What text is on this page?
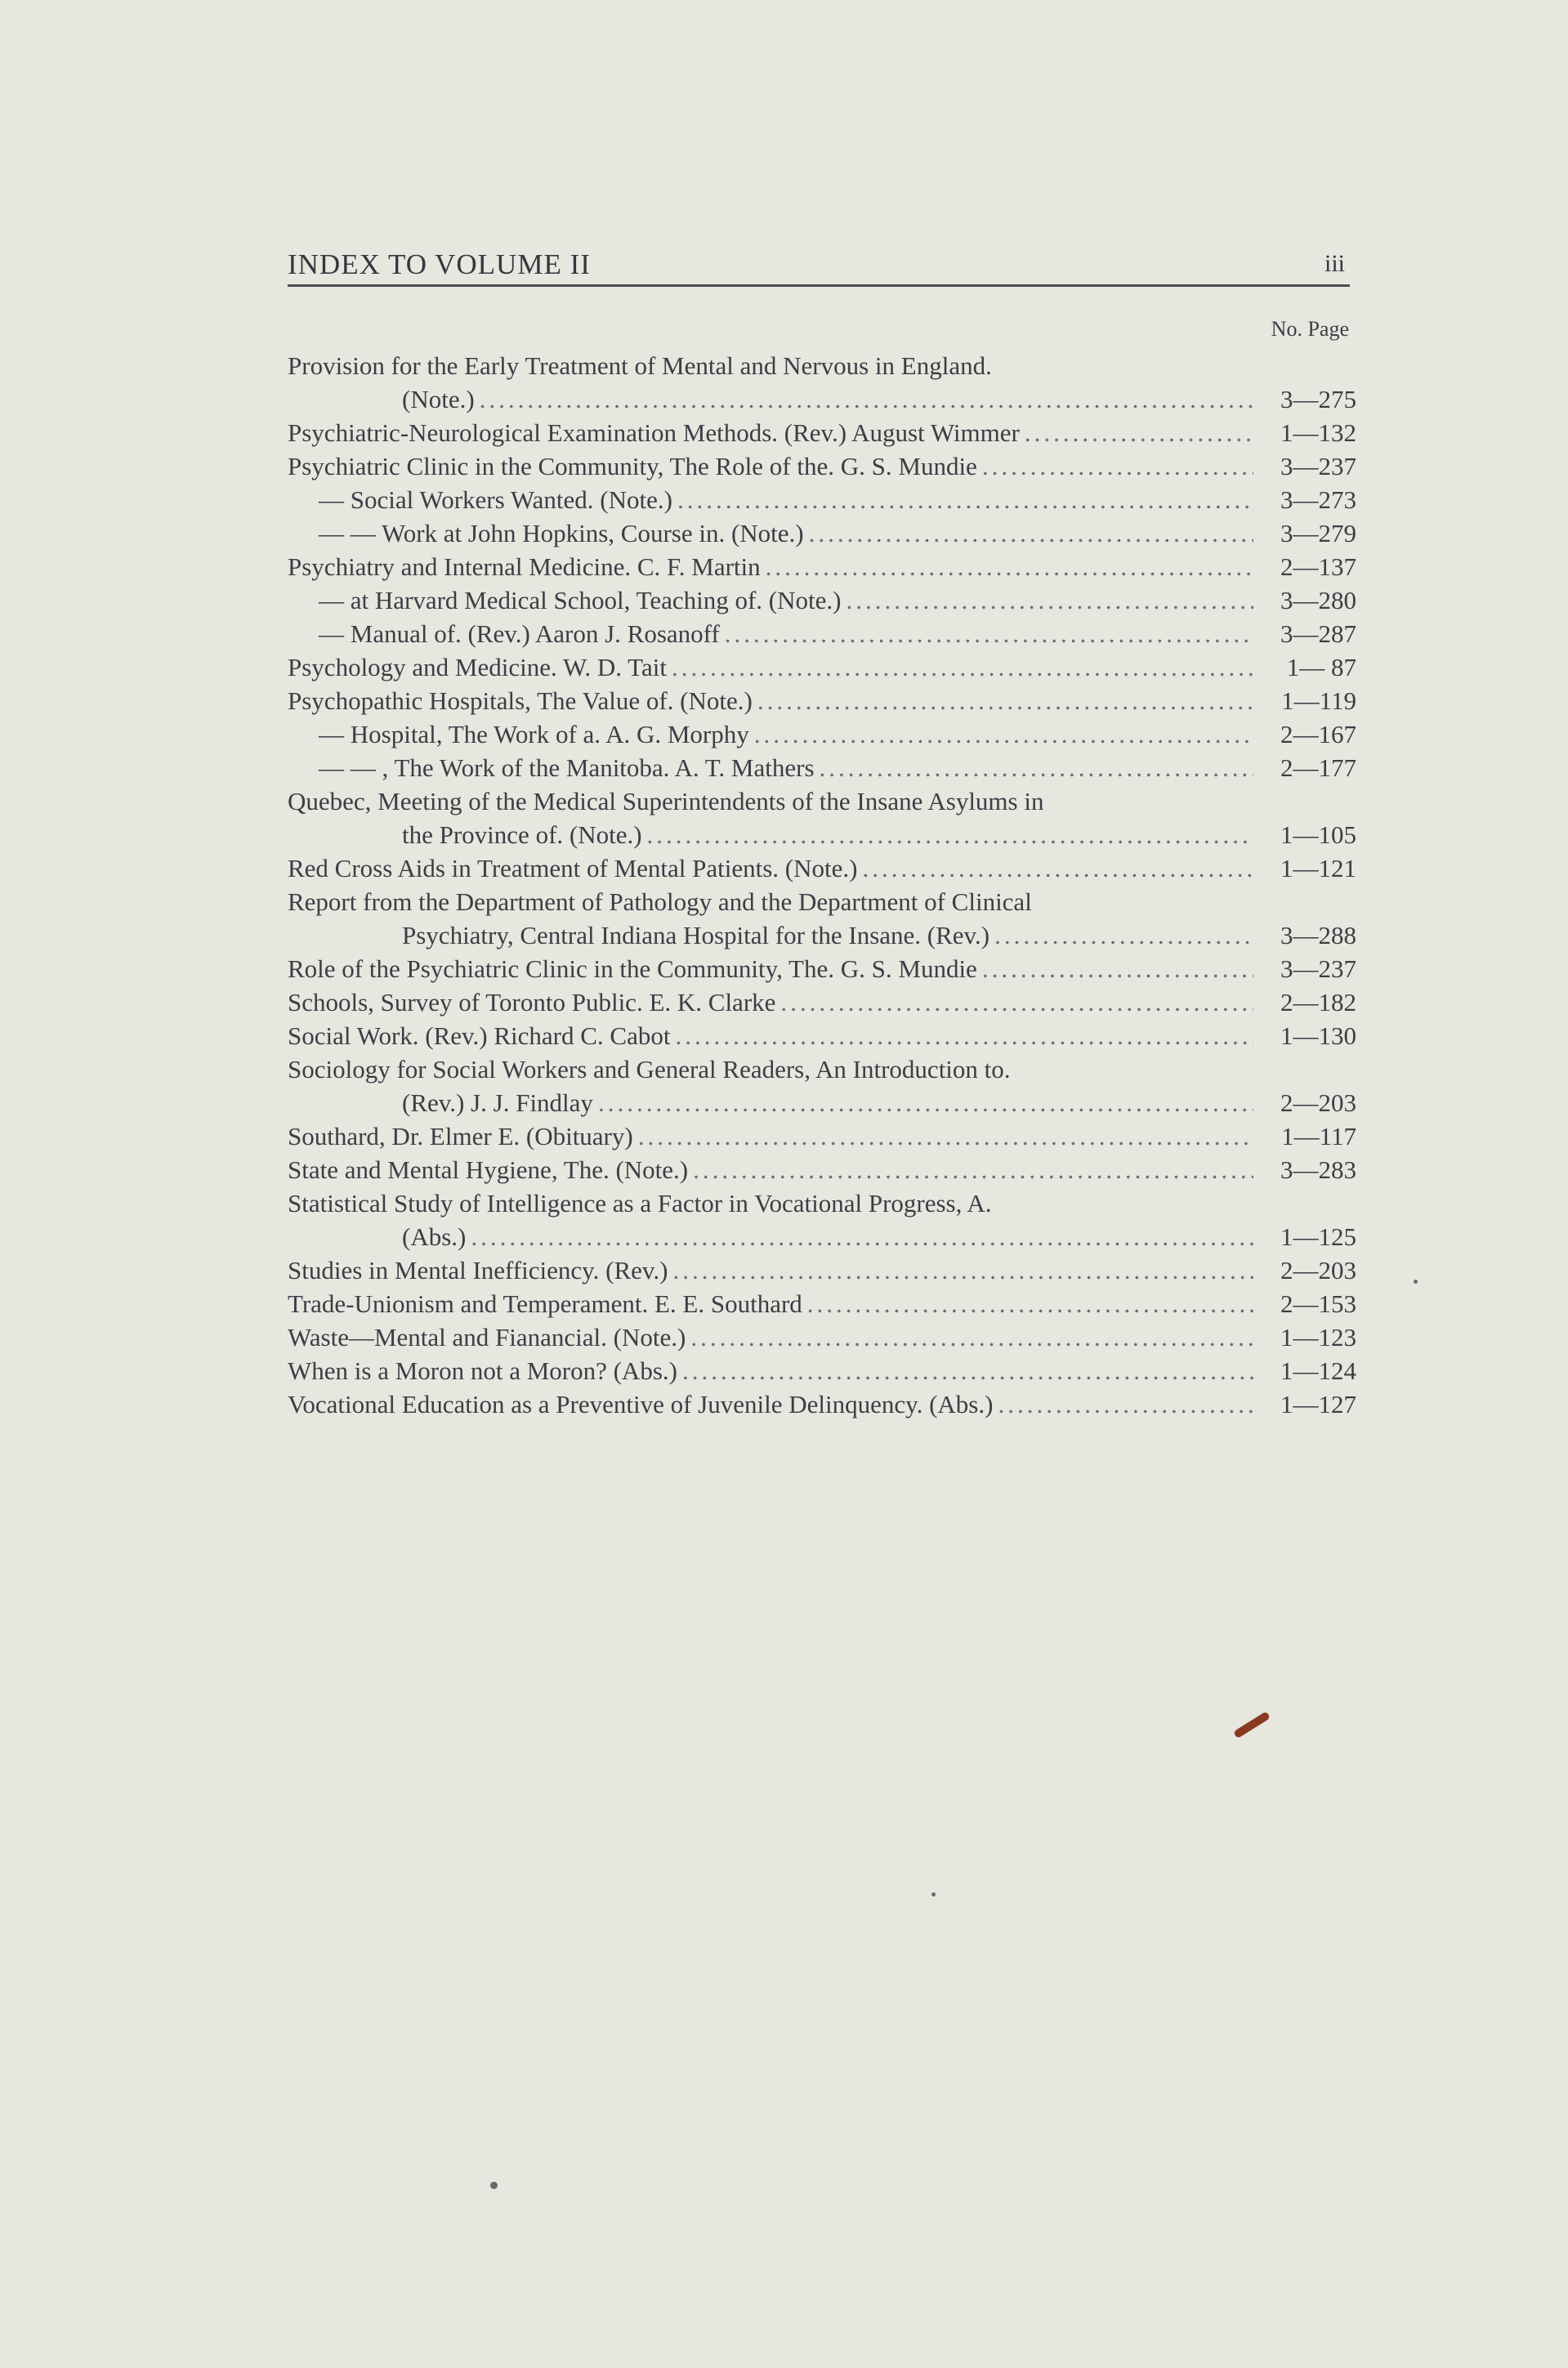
INDEX TO VOLUME II	iii
No. Page
Provision for the Early Treatment of Mental and Nervous in England.
(Note.) .....	3—275
Psychiatric-Neurological Examination Methods. (Rev.) August Wimmer .....	1—132
Psychiatric Clinic in the Community, The Role of the. G. S. Mundie .....	3—237
— Social Workers Wanted. (Note.) .....	3—273
— — Work at John Hopkins, Course in. (Note.) .....	3—279
Psychiatry and Internal Medicine. C. F. Martin .....	2—137
— at Harvard Medical School, Teaching of. (Note.) .....	3—280
— Manual of. (Rev.) Aaron J. Rosanoff .....	3—287
Psychology and Medicine. W. D. Tait .....	1— 87
Psychopathic Hospitals, The Value of. (Note.) .....	1—119
— Hospital, The Work of a. A. G. Morphy .....	2—167
— — , The Work of the Manitoba. A. T. Mathers .....	2—177
Quebec, Meeting of the Medical Superintendents of the Insane Asylums in
the Province of. (Note.) .....	1—105
Red Cross Aids in Treatment of Mental Patients. (Note.) .....	1—121
Report from the Department of Pathology and the Department of Clinical
Psychiatry, Central Indiana Hospital for the Insane. (Rev.) .....	3—288
Role of the Psychiatric Clinic in the Community, The. G. S. Mundie .....	3—237
Schools, Survey of Toronto Public. E. K. Clarke .....	2—182
Social Work. (Rev.) Richard C. Cabot .....	1—130
Sociology for Social Workers and General Readers, An Introduction to.
(Rev.) J. J. Findlay .....	2—203
Southard, Dr. Elmer E. (Obituary) .....	1—117
State and Mental Hygiene, The. (Note.) .....	3—283
Statistical Study of Intelligence as a Factor in Vocational Progress, A.
(Abs.) .....	1—125
Studies in Mental Inefficiency. (Rev.) .....	2—203
Trade-Unionism and Temperament. E. E. Southard .....	2—153
Waste—Mental and Fianancial. (Note.) .....	1—123
When is a Moron not a Moron? (Abs.) .....	1—124
Vocational Education as a Preventive of Juvenile Delinquency. (Abs.) .....	1—127
